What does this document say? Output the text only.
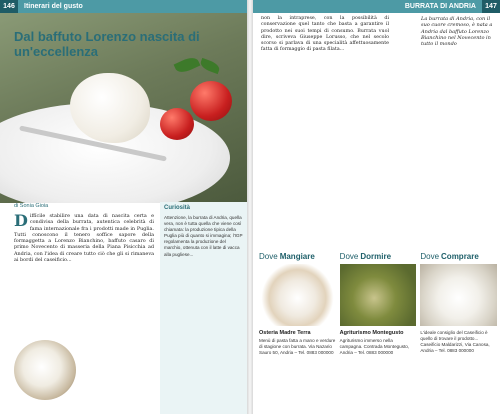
146	Itinerari del gusto	BURRATA DI ANDRIA	147
Dal baffuto Lorenzo nascita di un'eccellenza
di Sonia Gioia
D iffícile stabilire una data di nascita certa e condivisa della burrata, autentica celebrità di fama internazionale fra i prodotti made in Puglia. Tutti conoscono il tenero soffice sapore della formaggetta a Lorenzo Bianchino, baffuto casaro di primo Novecento di masseria della Piana Pisicchia ad Andria, con l'idea di creare tutto ciò che gli si rimaneva ai bordi del caseificio...
Curiosità
Attenzione, la burrata di Andria, quella vera, non è tutta quella che viene così chiamata: la produzione tipica della Puglia più di quanto si immagina; l'IGP regolamenta la produzione del marchio, ottenuta con il latte di vacca alla pugliese...
non la intraprese, con la possibilità di conservazione quel tanto che basta a garantire il prodotto nei suoi tempi di consumo. Burrata vuol dire, scriveva Giuseppe Lorusso, che nel secolo scorso si parlava di una specialità affettuosamente fatta di formaggio di pasta filata...
La burrata di Andria, con il suo cuore cremoso, è nata a Andria dal baffuto Lorenzo Bianchino nel Novecento in tutto il mondo
Dove Mangiare
Osteria Madre Terra
Menù di pasta fatta a mano e verdure di stagione con burrata. Via Nazario Sauro 50, Andria – Tel. 0883 000000
Dove Dormire
Agriturismo Montegusto
Agriturismo immerso nella campagna. Contrada Montegusto, Andria – Tel. 0883 000000
Dove Comprare
L'ideale consiglio del Caseificio è quello di trovare il prodotto... Caseificio Maldarizzi, Via Canosa, Andria – Tel. 0883 000000
